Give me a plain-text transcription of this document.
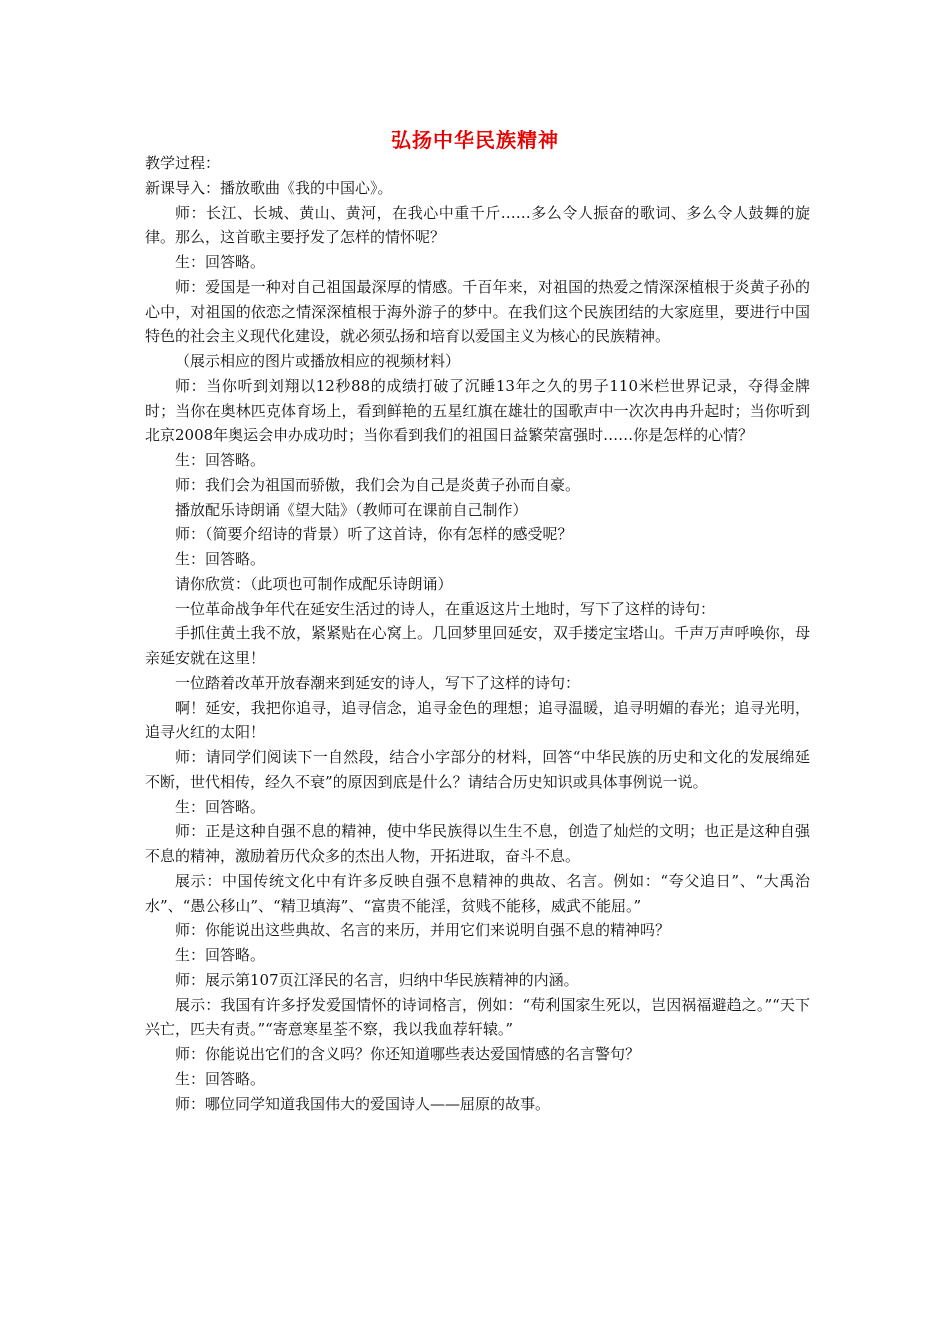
弘扬中华民族精神

教学过程：

新课导入：播放歌曲《我的中国心》。

师：长江、长城、黄山、黄河，在我心中重千斤……多么令人振奋的歌词、多么令人鼓舞的旋律。那么，这首歌主要抒发了怎样的情怀呢？

生：回答略。

师：爱国是一种对自己祖国最深厚的情感。千百年来，对祖国的热爱之情深深植根于炎黄子孙的心中，对祖国的依恋之情深深植根于海外游子的梦中。在我们这个民族团结的大家庭里，要进行中国特色的社会主义现代化建设，就必须弘扬和培育以爱国主义为核心的民族精神。

（展示相应的图片或播放相应的视频材料）

师：当你听到刘翔以12秒88的成绩打破了沉睡13年之久的男子110米栏世界记录，夺得金牌时；当你在奥林匹克体育场上，看到鲜艳的五星红旗在雄壮的国歌声中一次次冉冉升起时；当你听到北京2008年奥运会申办成功时；当你看到我们的祖国日益繁荣富强时……你是怎样的心情？

生：回答略。

师：我们会为祖国而骄傲，我们会为自己是炎黄子孙而自豪。

播放配乐诗朗诵《望大陆》（教师可在课前自己制作）

师：（简要介绍诗的背景）听了这首诗，你有怎样的感受呢？

生：回答略。

请你欣赏：（此项也可制作成配乐诗朗诵）

一位革命战争年代在延安生活过的诗人，在重返这片土地时，写下了这样的诗句：

手抓住黄土我不放，紧紧贴在心窝上。几回梦里回延安，双手搂定宝塔山。千声万声呼唤你，母亲延安就在这里！

一位踏着改革开放春潮来到延安的诗人，写下了这样的诗句：

啊！延安，我把你追寻，追寻信念，追寻金色的理想；追寻温暖，追寻明媚的春光；追寻光明，追寻火红的太阳！

师：请同学们阅读下一自然段，结合小字部分的材料，回答“中华民族的历史和文化的发展绵延不断，世代相传，经久不衰”的原因到底是什么？请结合历史知识或具体事例说一说。

生：回答略。

师：正是这种自强不息的精神，使中华民族得以生生不息，创造了灿烂的文明；也正是这种自强不息的精神，激励着历代众多的杰出人物，开拓进取，奋斗不息。

展示：中国传统文化中有许多反映自强不息精神的典故、名言。例如：“夸父追日”、“大禹治水”、“愚公移山”、“精卫填海”、“富贵不能淫，贫贱不能移，威武不能屈。”

师：你能说出这些典故、名言的来历，并用它们来说明自强不息的精神吗？

生：回答略。

师：展示第107页江泽民的名言，归纳中华民族精神的内涵。

展示：我国有许多抒发爱国情怀的诗词格言，例如：“苟利国家生死以，岂因祸福避趋之。”“天下兴亡，匹夫有责。”“寄意寒星荃不察，我以我血荐轩辕。”

师：你能说出它们的含义吗？你还知道哪些表达爱国情感的名言警句？

生：回答略。

师：哪位同学知道我国伟大的爱国诗人——屈原的故事。
